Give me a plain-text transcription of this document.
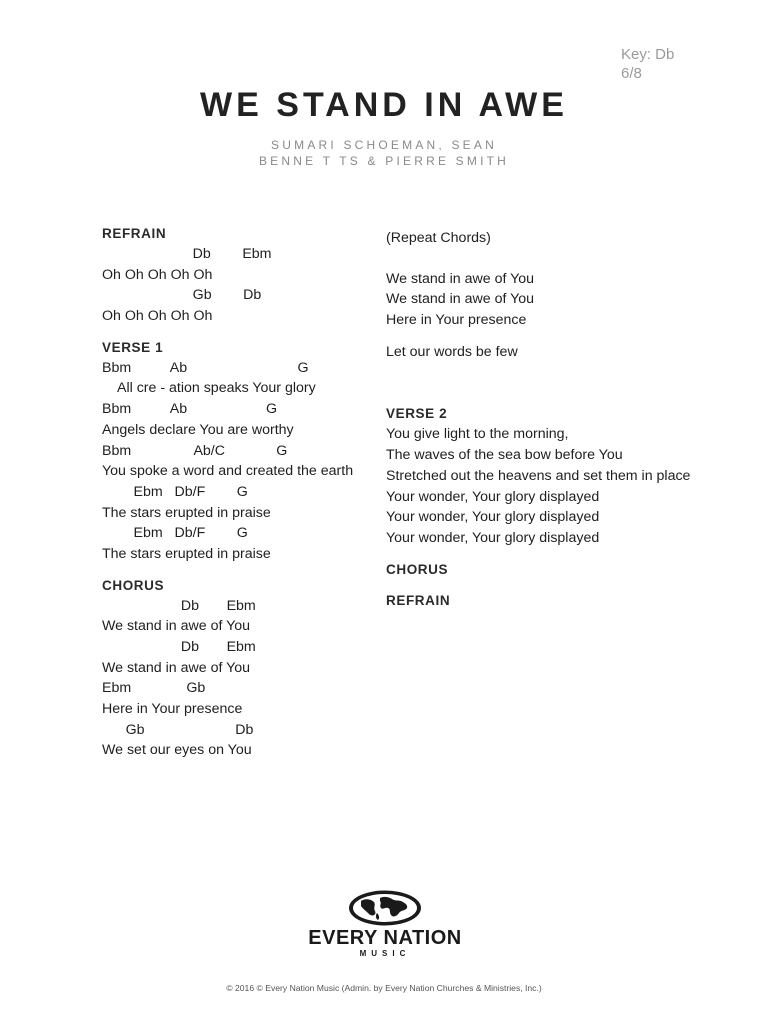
Key: Db
6/8
WE STAND IN AWE
SUMARI SCHOEMAN, SEAN
BENNE T TS & PIERRE SMITH
REFRAIN
Db        Ebm
Oh Oh Oh Oh Oh
Gb        Db
Oh Oh Oh Oh Oh
VERSE 1
Bbm          Ab                            G
All cre - ation speaks Your glory
Bbm          Ab                    G
Angels declare You are worthy
Bbm                Ab/C             G
You spoke a word and created the earth
Ebm   Db/F        G
The stars erupted in praise
Ebm   Db/F        G
The stars erupted in praise
CHORUS
Db       Ebm
We stand in awe of You
Db       Ebm
We stand in awe of You
Ebm              Gb
Here in Your presence
Gb                       Db
We set our eyes on You
(Repeat Chords)
We stand in awe of You
We stand in awe of You
Here in Your presence
Let our words be few
VERSE 2
You give light to the morning,
The waves of the sea bow before You
Stretched out the heavens and set them in place
Your wonder, Your glory displayed
Your wonder, Your glory displayed
Your wonder, Your glory displayed
CHORUS
REFRAIN
EVERY NATION
MUSIC
© 2016 © Every Nation Music (Admin. by Every Nation Churches & Ministries, Inc.)
